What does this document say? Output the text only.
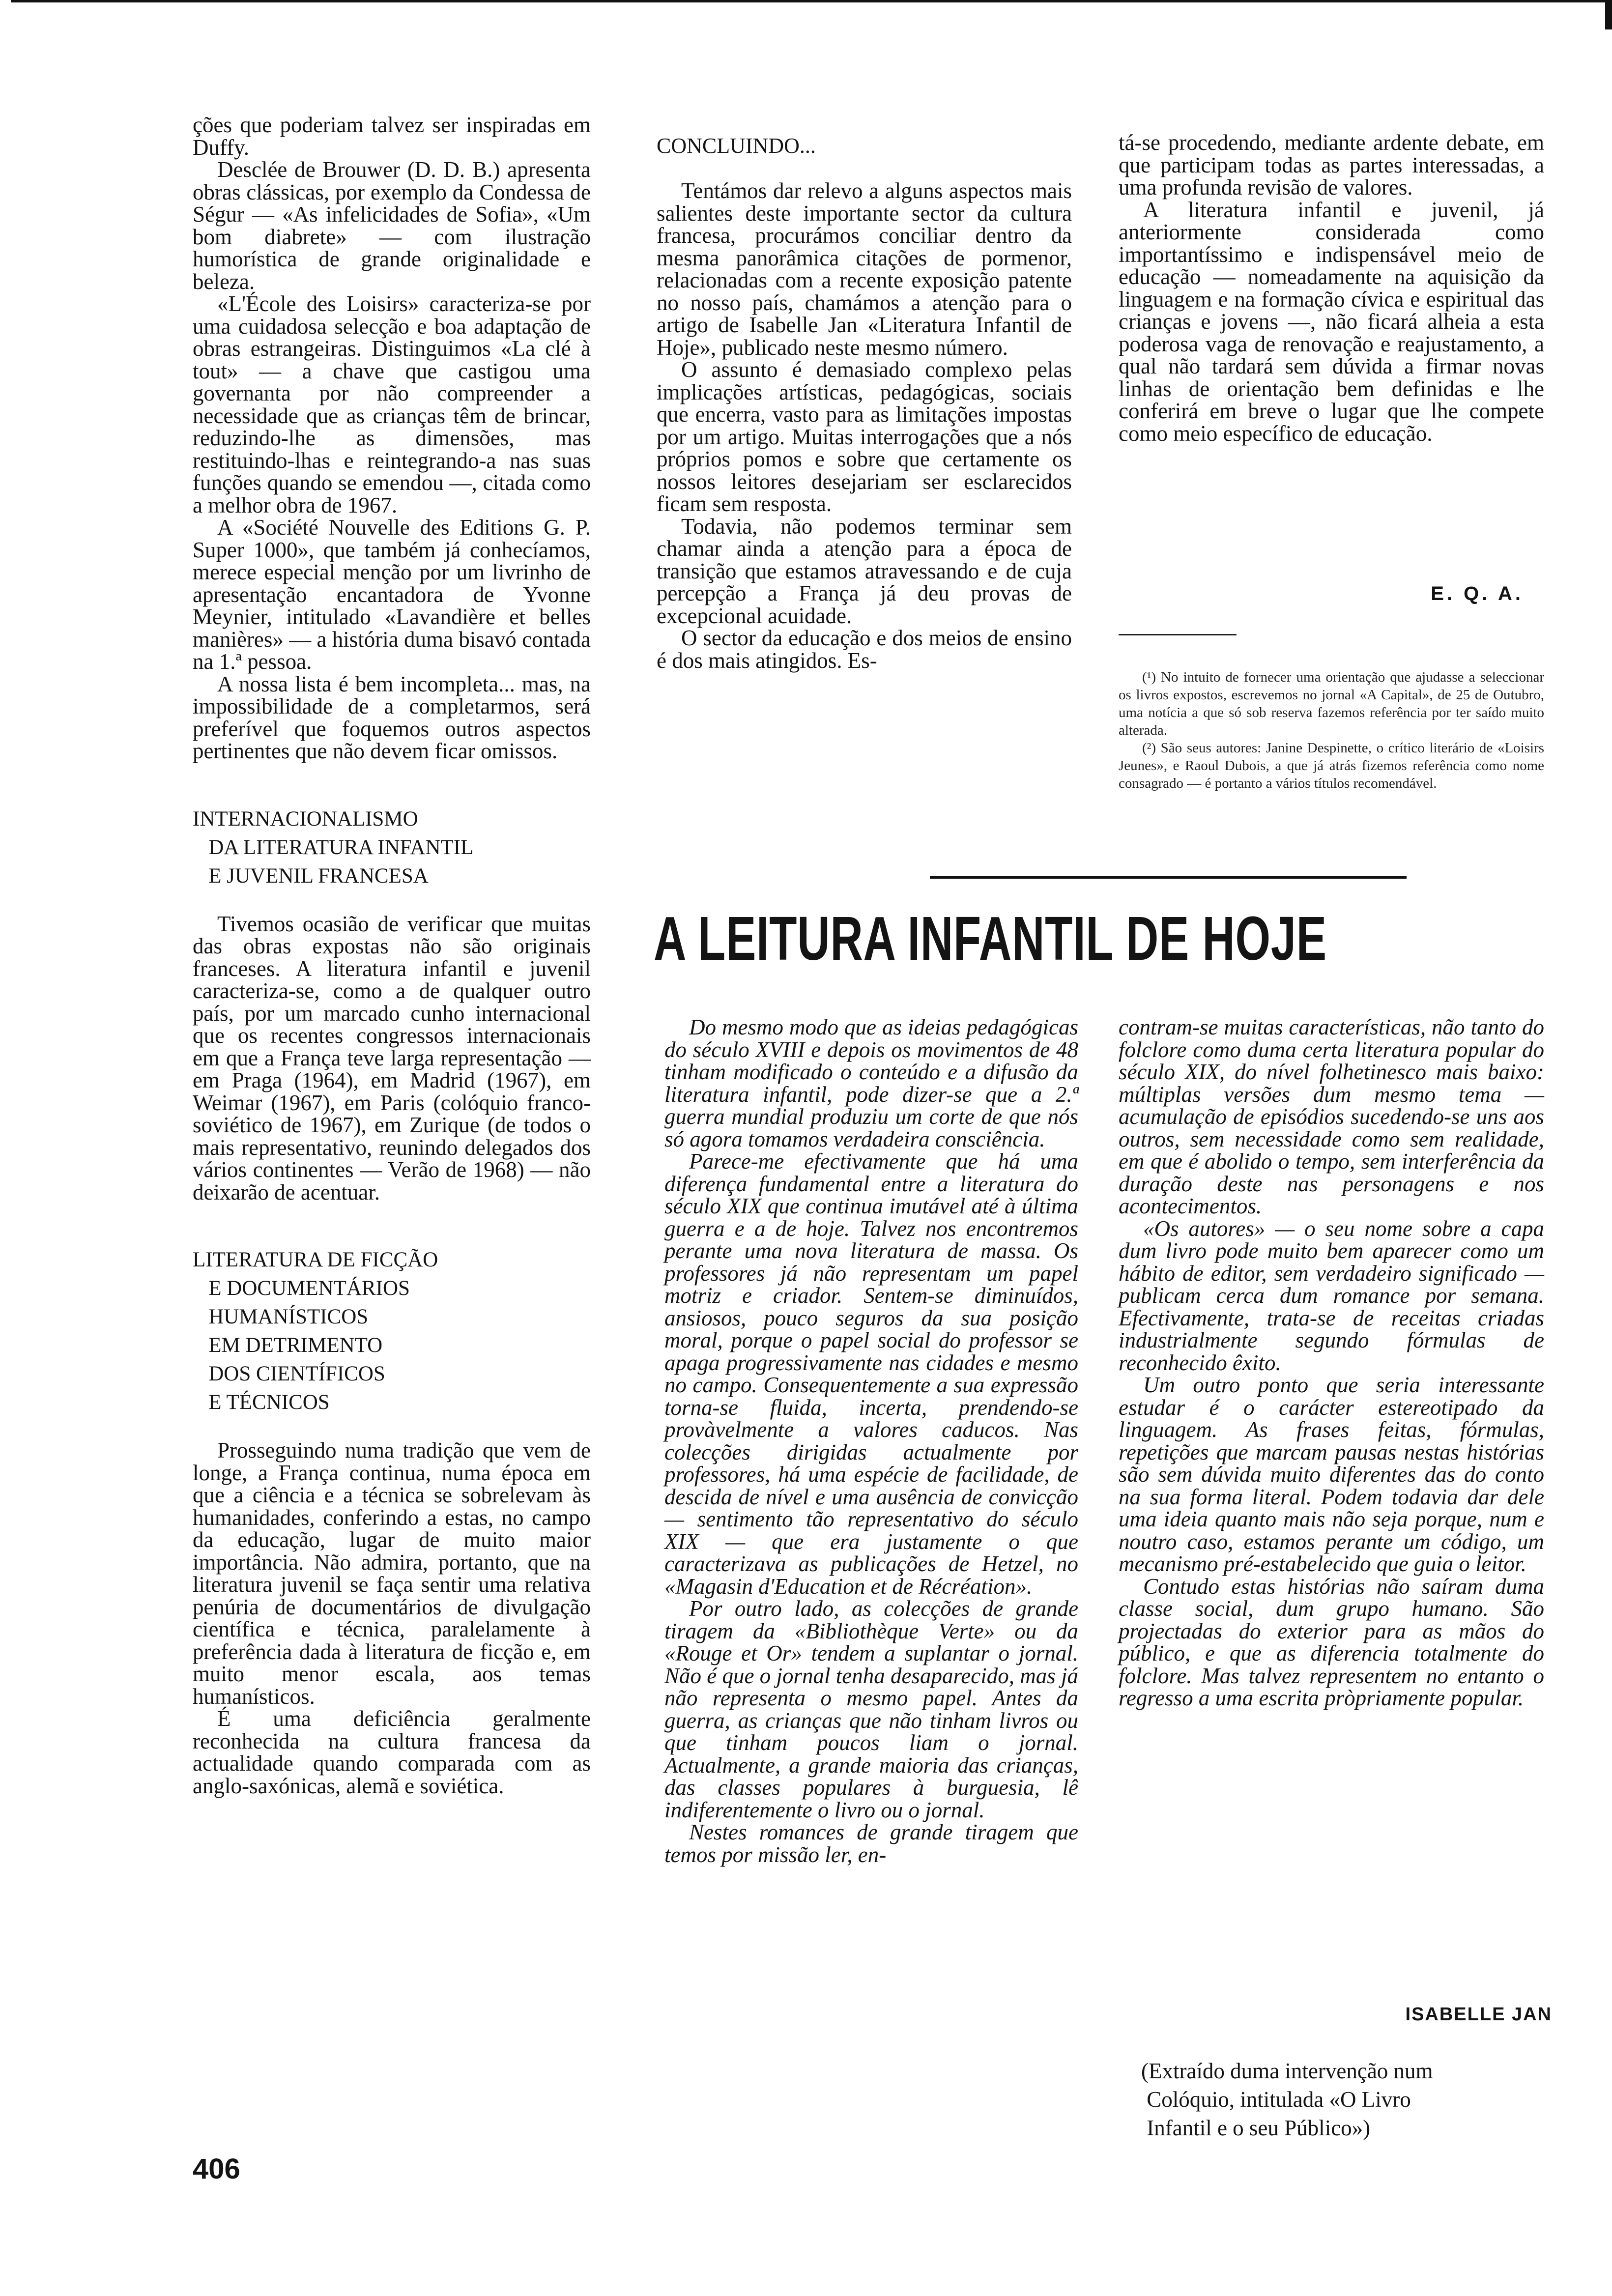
ções que poderiam talvez ser inspiradas em Duffy.

Desclée de Brouwer (D. D. B.) apresenta obras clássicas, por exemplo da Condessa de Ségur — «As infelicidades de Sofia», «Um bom diabrete» — com ilustração humorística de grande originalidade e beleza.

«L'École des Loisirs» caracteriza-se por uma cuidadosa selecção e boa adaptação de obras estrangeiras. Distinguimos «La clé à tout» — a chave que castigou uma governanta por não compreender a necessidade que as crianças têm de brincar, reduzindo-lhe as dimensões, mas restituindo-lhas e reintegrando-a nas suas funções quando se emendou —, citada como a melhor obra de 1967.

A «Société Nouvelle des Editions G. P. Super 1000», que também já conhecíamos, merece especial menção por um livrinho de apresentação encantadora de Yvonne Meynier, intitulado «Lavandière et belles manières» — a história duma bisavó contada na 1.ª pessoa.

A nossa lista é bem incompleta... mas, na impossibilidade de a completarmos, será preferível que foquemos outros aspectos pertinentes que não devem ficar omissos.

INTERNACIONALISMO
DA LITERATURA INFANTIL
E JUVENIL FRANCESA

Tivemos ocasião de verificar que muitas das obras expostas não são originais franceses. A literatura infantil e juvenil caracteriza-se, como a de qualquer outro país, por um marcado cunho internacional que os recentes congressos internacionais em que a França teve larga representação — em Praga (1964), em Madrid (1967), em Weimar (1967), em Paris (colóquio franco-soviético de 1967), em Zurique (de todos o mais representativo, reunindo delegados dos vários continentes — Verão de 1968) — não deixarão de acentuar.

LITERATURA DE FICÇÃO
E DOCUMENTÁRIOS
HUMANÍSTICOS
EM DETRIMENTO
DOS CIENTÍFICOS
E TÉCNICOS

Prosseguindo numa tradição que vem de longe, a França continua, numa época em que a ciência e a técnica se sobrelevam às humanidades, conferindo a estas, no campo da educação, lugar de muito maior importância. Não admira, portanto, que na literatura juvenil se faça sentir uma relativa penúria de documentários de divulgação científica e técnica, paralelamente à preferência dada à literatura de ficção e, em muito menor escala, aos temas humanísticos.

É uma deficiência geralmente reconhecida na cultura francesa da actualidade quando comparada com as anglo-saxónicas, alemã e soviética.

CONCLUINDO...

Tentámos dar relevo a alguns aspectos mais salientes deste importante sector da cultura francesa, procurámos conciliar dentro da mesma panorâmica citações de pormenor, relacionadas com a recente exposição patente no nosso país, chamámos a atenção para o artigo de Isabelle Jan «Literatura Infantil de Hoje», publicado neste mesmo número.

O assunto é demasiado complexo pelas implicações artísticas, pedagógicas, sociais que encerra, vasto para as limitações impostas por um artigo. Muitas interrogações que a nós próprios pomos e sobre que certamente os nossos leitores desejariam ser esclarecidos ficam sem resposta.

Todavia, não podemos terminar sem chamar ainda a atenção para a época de transição que estamos atravessando e de cuja percepção a França já deu provas de excepcional acuidade.

O sector da educação e dos meios de ensino é dos mais atingidos. Es-

tá-se procedendo, mediante ardente debate, em que participam todas as partes interessadas, a uma profunda revisão de valores.

A literatura infantil e juvenil, já anteriormente considerada como importantíssimo e indispensável meio de educação — nomeadamente na aquisição da linguagem e na formação cívica e espiritual das crianças e jovens —, não ficará alheia a esta poderosa vaga de renovação e reajustamento, a qual não tardará sem dúvida a firmar novas linhas de orientação bem definidas e lhe conferirá em breve o lugar que lhe compete como meio específico de educação.

E. Q. A.

(¹) No intuito de fornecer uma orientação que ajudasse a seleccionar os livros expostos, escrevemos no jornal «A Capital», de 25 de Outubro, uma notícia a que só sob reserva fazemos referência por ter saído muito alterada.

(²) São seus autores: Janine Despinette, o crítico literário de «Loisirs Jeunes», e Raoul Dubois, a que já atrás fizemos referência como nome consagrado — é portanto a vários títulos recomendável.

A LEITURA INFANTIL DE HOJE

Do mesmo modo que as ideias pedagógicas do século XVIII e depois os movimentos de 48 tinham modificado o conteúdo e a difusão da literatura infantil, pode dizer-se que a 2.ª guerra mundial produziu um corte de que nós só agora tomamos verdadeira consciência.

Parece-me efectivamente que há uma diferença fundamental entre a literatura do século XIX que continua imutável até à última guerra e a de hoje. Talvez nos encontremos perante uma nova literatura de massa. Os professores já não representam um papel motriz e criador. Sentem-se diminuídos, ansiosos, pouco seguros da sua posição moral, porque o papel social do professor se apaga progressivamente nas cidades e mesmo no campo. Consequentemente a sua expressão torna-se fluida, incerta, prendendo-se provàvelmente a valores caducos. Nas colecções dirigidas actualmente por professores, há uma espécie de facilidade, de descida de nível e uma ausência de convicção — sentimento tão representativo do século XIX — que era justamente o que caracterizava as publicações de Hetzel, no «Magasin d'Education et de Récréation».

Por outro lado, as colecções de grande tiragem da «Bibliothèque Verte» ou da «Rouge et Or» tendem a suplantar o jornal. Não é que o jornal tenha desaparecido, mas já não representa o mesmo papel. Antes da guerra, as crianças que não tinham livros ou que tinham poucos liam o jornal. Actualmente, a grande maioria das crianças, das classes populares à burguesia, lê indiferentemente o livro ou o jornal.

Nestes romances de grande tiragem que temos por missão ler, en-

contram-se muitas características, não tanto do folclore como duma certa literatura popular do século XIX, do nível folhetinesco mais baixo: múltiplas versões dum mesmo tema — acumulação de episódios sucedendo-se uns aos outros, sem necessidade como sem realidade, em que é abolido o tempo, sem interferência da duração deste nas personagens e nos acontecimentos.

«Os autores» — o seu nome sobre a capa dum livro pode muito bem aparecer como um hábito de editor, sem verdadeiro significado — publicam cerca dum romance por semana. Efectivamente, trata-se de receitas criadas industrialmente segundo fórmulas de reconhecido êxito.

Um outro ponto que seria interessante estudar é o carácter estereotipado da linguagem. As frases feitas, fórmulas, repetições que marcam pausas nestas histórias são sem dúvida muito diferentes das do conto na sua forma literal. Podem todavia dar dele uma ideia quanto mais não seja porque, num e noutro caso, estamos perante um código, um mecanismo pré-estabelecido que guia o leitor.

Contudo estas histórias não saíram duma classe social, dum grupo humano. São projectadas do exterior para as mãos do público, e que as diferencia totalmente do folclore. Mas talvez representem no entanto o regresso a uma escrita pròpriamente popular.

ISABELLE JAN
(Extraído duma intervenção num
Colóquio, intitulada «O Livro
Infantil e o seu Público»)
406
